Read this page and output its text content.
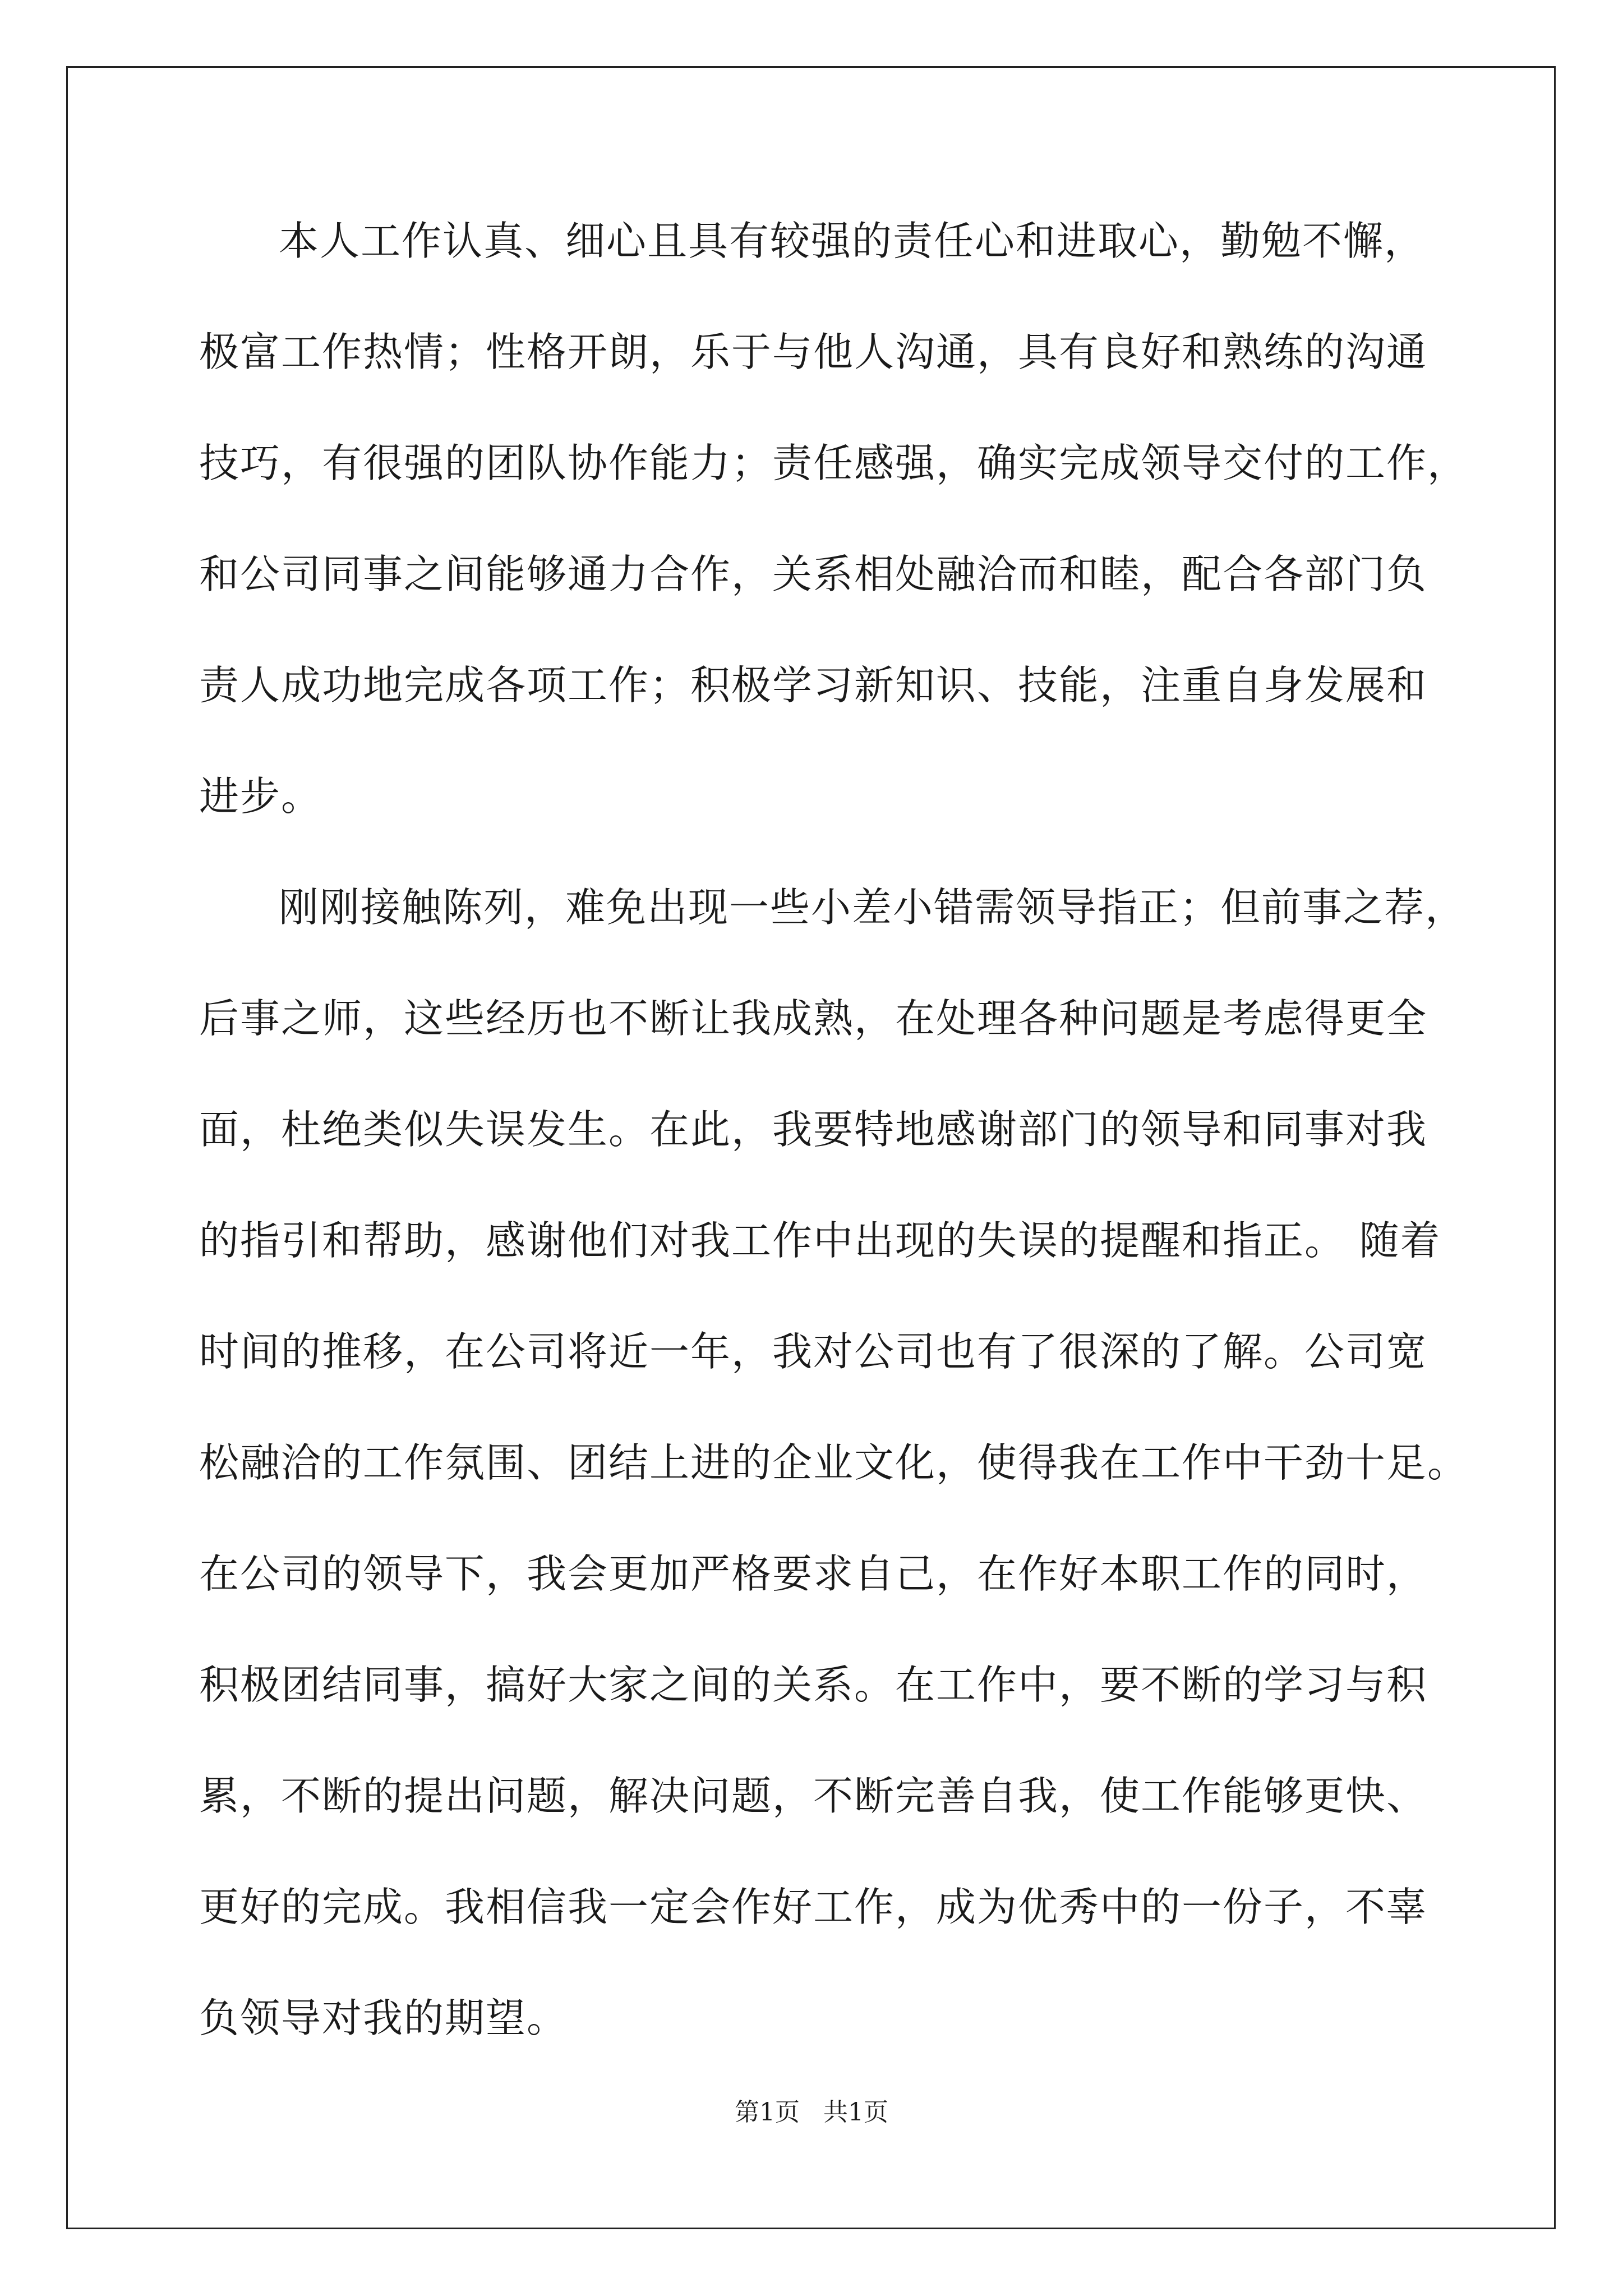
本人工作认真、细心且具有较强的责任心和进取心，勤勉不懈，
极富工作热情；性格开朗，乐于与他人沟通，具有良好和熟练的沟通
技巧，有很强的团队协作能力；责任感强，确实完成领导交付的工作，
和公司同事之间能够通力合作，关系相处融洽而和睦，配合各部门负
责人成功地完成各项工作；积极学习新知识、技能，注重自身发展和
进步。
刚刚接触陈列，难免出现一些小差小错需领导指正；但前事之荐，
后事之师，这些经历也不断让我成熟，在处理各种问题是考虑得更全
面，杜绝类似失误发生。在此，我要特地感谢部门的领导和同事对我
的指引和帮助，感谢他们对我工作中出现的失误的提醒和指正。 随着
时间的推移，在公司将近一年，我对公司也有了很深的了解。公司宽
松融洽的工作氛围、团结上进的企业文化，使得我在工作中干劲十足。
在公司的领导下，我会更加严格要求自己，在作好本职工作的同时，
积极团结同事，搞好大家之间的关系。在工作中，要不断的学习与积
累，不断的提出问题，解决问题，不断完善自我，使工作能够更快、
更好的完成。我相信我一定会作好工作，成为优秀中的一份子，不辜
负领导对我的期望。
第1页 共1页
